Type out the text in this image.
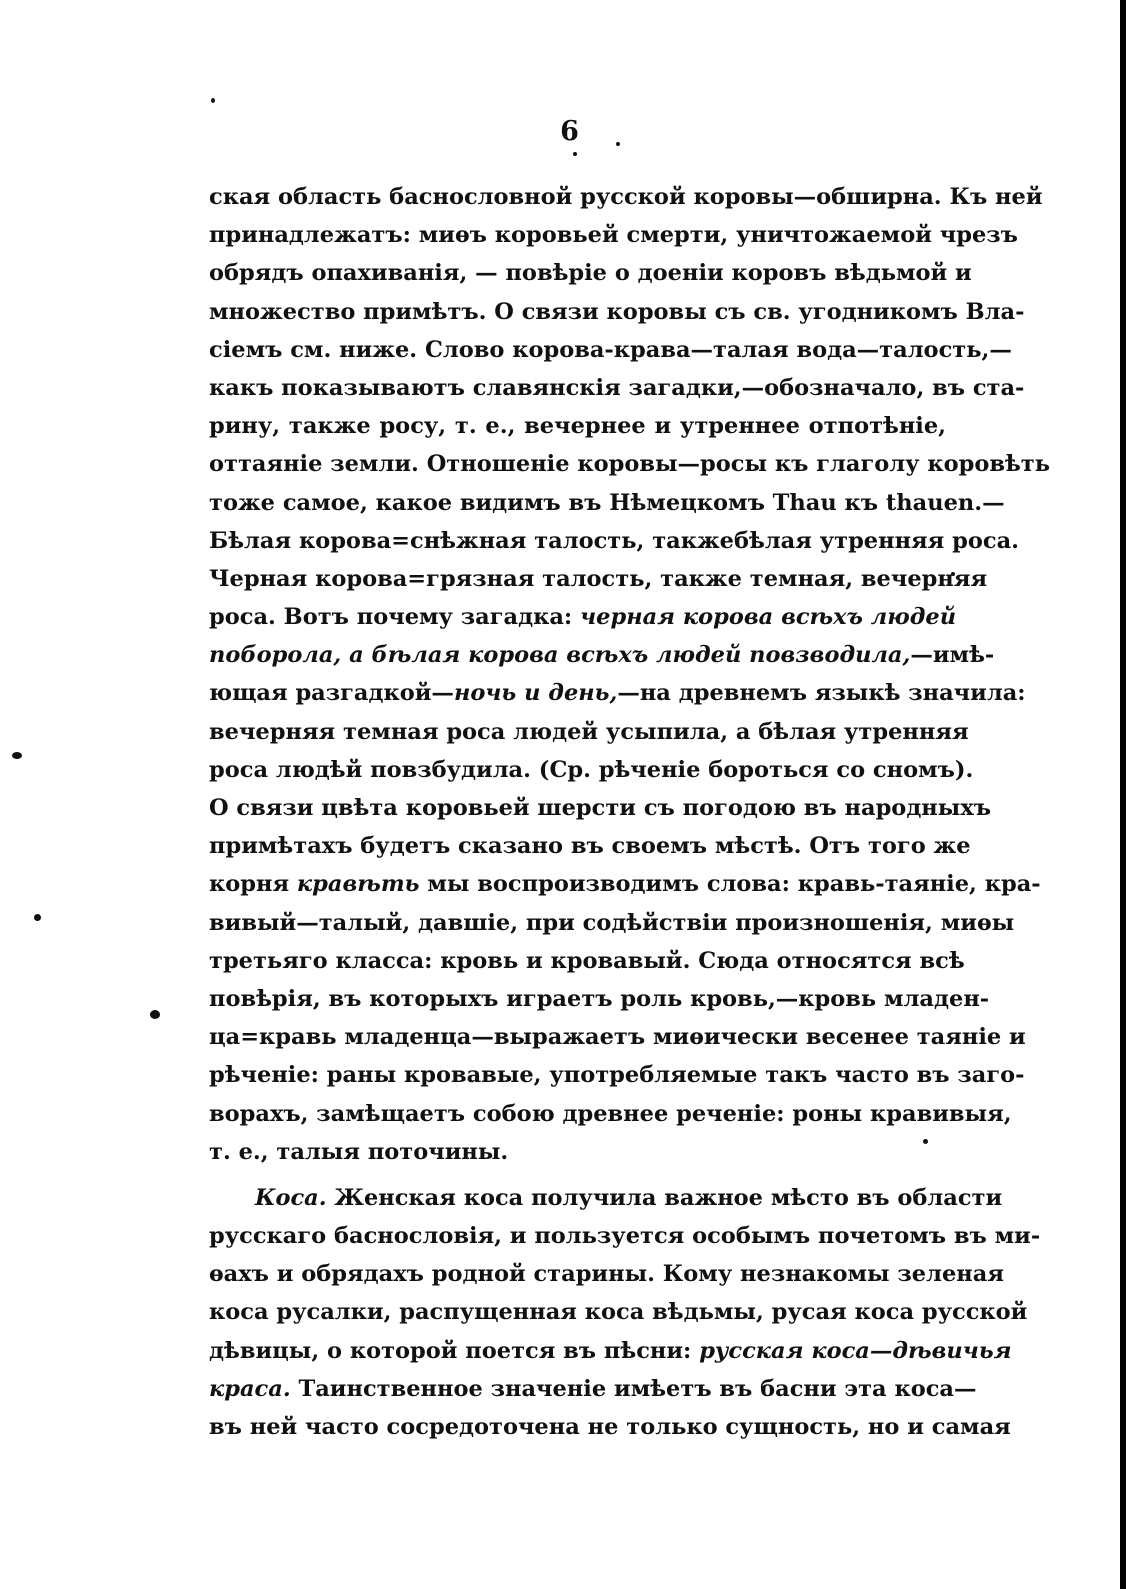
6
ская область баснословной русской коровы—обширна. Къ ней
принадлежатъ: миѳъ коровьей смерти, уничтожаемой чрезъ
обрядъ опахиванія, — повѣріе о доеніи коровъ вѣдьмой и
множество примѣтъ. О связи коровы съ св. угодникомъ Вла-
сіемъ см. ниже. Слово корова-крава—талая вода—талость,—
какъ показываютъ славянскія загадки,—обозначало, въ ста-
рину, также росу, т. е., вечернее и утреннее отпотѣніе,
оттаяніе земли. Отношеніе коровы—росы къ глаголу коровѣть
тоже самое, какое видимъ въ Нѣмецкомъ Thau къ thauen.—
Бѣлая корова=снѣжная талость, такжебѣлая утренняя роса.
Черная корова=грязная талость, также темная, вечерняя
роса. Вотъ почему загадка: черная корова всѣхъ людей
поборола, а бѣлая корова всѣхъ людей повзводила,—имѣ-
ющая разгадкой—ночь и день,—на древнемъ языкѣ значила:
вечерняя темная роса людей усыпила, а бѣлая утренняя
роса людѣй повзбудила. (Ср. рѣченіе бороться со сномъ).
О связи цвѣта коровьей шерсти съ погодою въ народныхъ
примѣтахъ будетъ сказано въ своемъ мѣстѣ. Отъ того же
корня кравѣть мы воспроизводимъ слова: кравь-таяніе, кра-
вивый—талый, давшіе, при содѣйствіи произношенія, миѳы
третьяго класса: кровь и кровавый. Сюда относятся всѣ
повѣрія, въ которыхъ играетъ роль кровь,—кровь младен-
ца=кравь младенца—выражаетъ миѳически весенее таяніе и
рѣченіе: раны кровавые, употребляемые такъ часто въ заго-
ворахъ, замѣщаетъ собою древнее реченіе: роны кравивыя,
т. е., талыя поточины.
Коса. Женская коса получила важное мѣсто въ области
русскаго баснословія, и пользуется особымъ почетомъ въ ми-
ѳахъ и обрядахъ родной старины. Кому незнакомы зеленая
коса русалки, распущенная коса вѣдьмы, русая коса русской
дѣвицы, о которой поется въ пѣсни: русская коса—дѣвичья
краса. Таинственное значеніе имѣетъ въ басни эта коса—
въ ней часто сосредоточена не только сущность, но и самая
